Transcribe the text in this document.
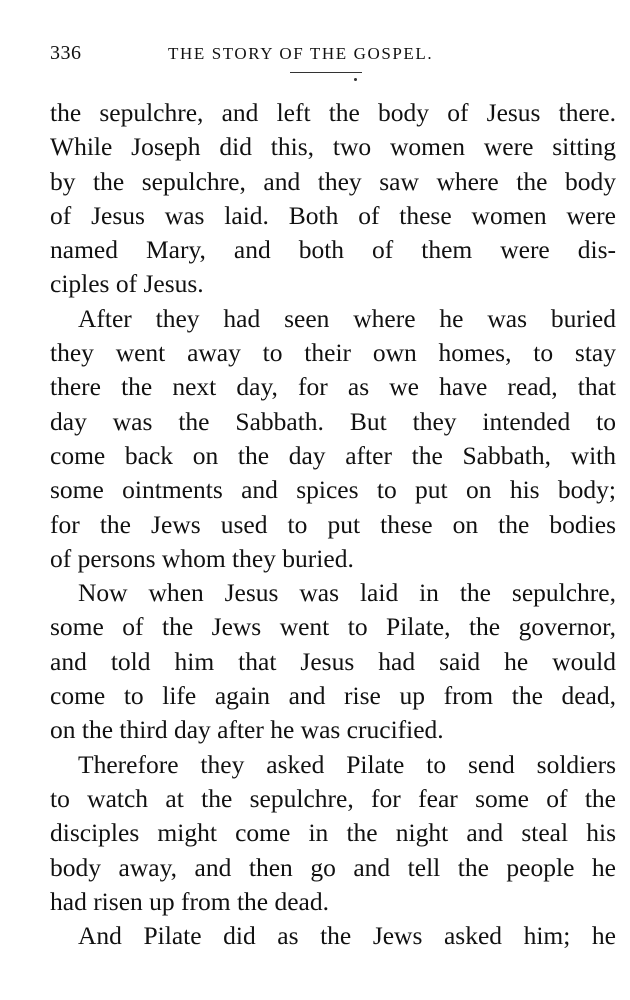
336	THE STORY OF THE GOSPEL.

the sepulchre, and left the body of Jesus there.
While Joseph did this, two women were sitting
by the sepulchre, and they saw where the body
of Jesus was laid. Both of these women were
named Mary, and both of them were dis-
ciples of Jesus.

After they had seen where he was buried
they went away to their own homes, to stay
there the next day, for as we have read, that
day was the Sabbath. But they intended to
come back on the day after the Sabbath, with
some ointments and spices to put on his body;
for the Jews used to put these on the bodies
of persons whom they buried.

Now when Jesus was laid in the sepulchre,
some of the Jews went to Pilate, the governor,
and told him that Jesus had said he would
come to life again and rise up from the dead,
on the third day after he was crucified.

Therefore they asked Pilate to send soldiers
to watch at the sepulchre, for fear some of the
disciples might come in the night and steal his
body away, and then go and tell the people he
had risen up from the dead.

And Pilate did as the Jews asked him; he
